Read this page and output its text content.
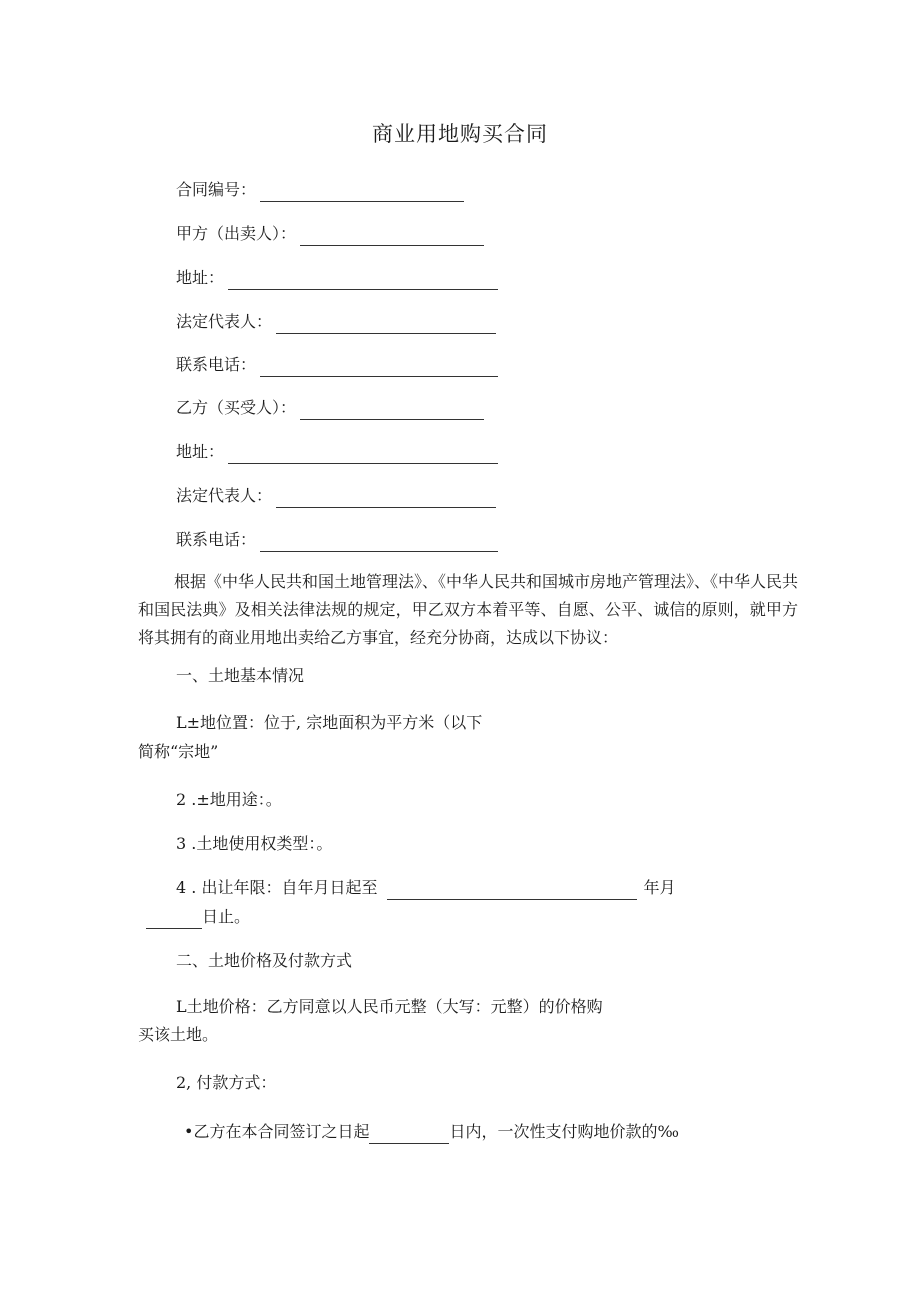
商业用地购买合同
合同编号：
甲方（出卖人）：
地址：
法定代表人：
联系电话：
乙方（买受人）：
地址：
法定代表人：
联系电话：
根据《中华人民共和国土地管理法》、《中华人民共和国城市房地产管理法》、《中华人民共和国民法典》及相关法律法规的规定，甲乙双方本着平等、自愿、公平、诚信的原则，就甲方将其拥有的商业用地出卖给乙方事宜，经充分协商，达成以下协议：
一、土地基本情况
L±地位置：位于, 宗地面积为平方米（以下
简称“宗地”
2 .±地用途：。
3 .土地使用权类型：。
4 . 出让年限：自年月日起至	年月
日止。
二、土地价格及付款方式
L土地价格：乙方同意以人民币元整（大写：元整）的价格购
买该土地。
2, 付款方式：
•乙方在本合同签订之日起	日内，一次性支付购地价款的‰
